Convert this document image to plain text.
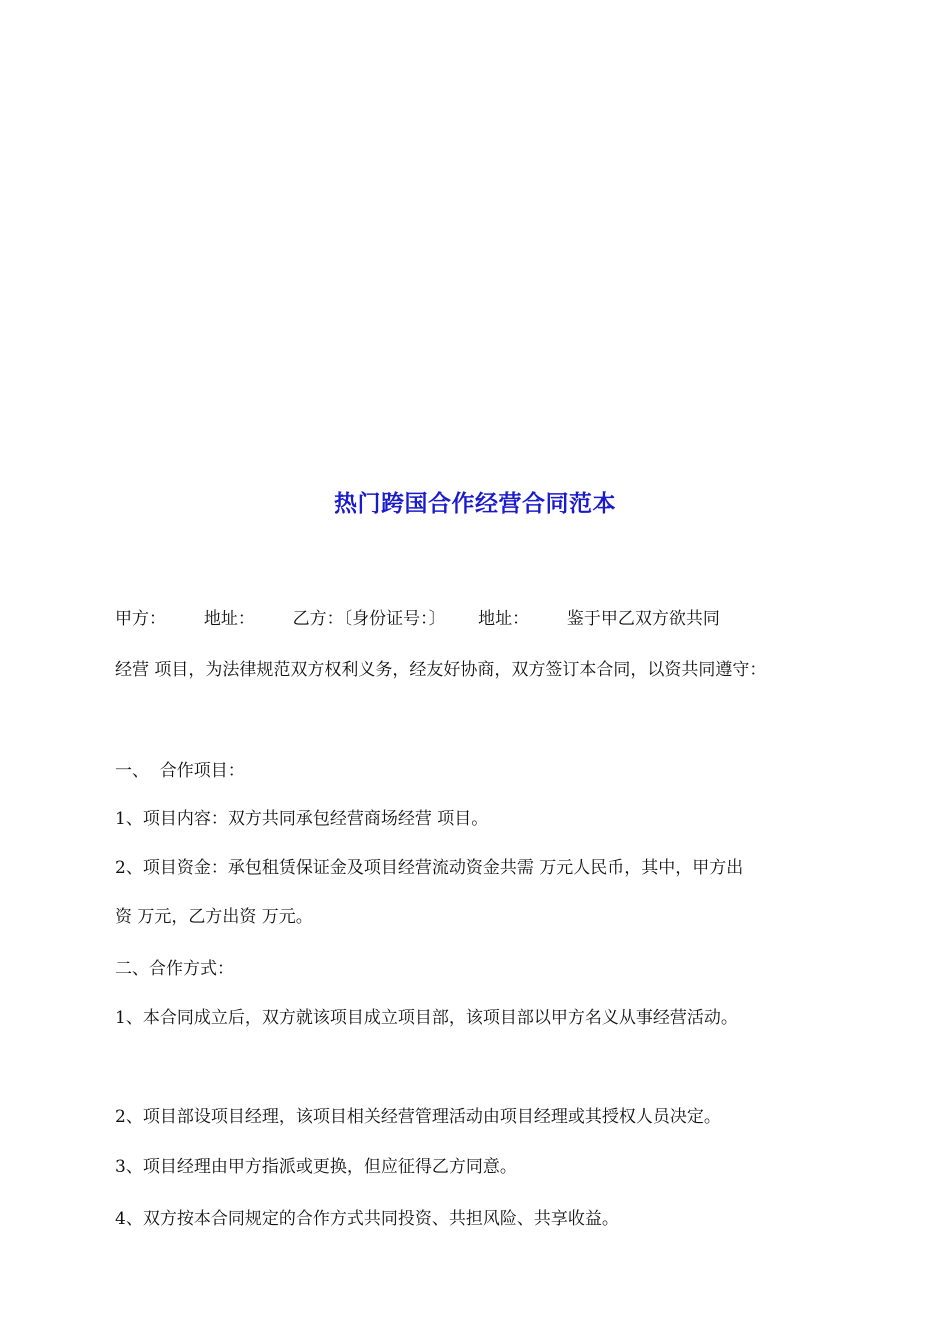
热门跨国合作经营合同范本

甲方：       地址：       乙方：〔身份证号：〕      地址：       鉴于甲乙双方欲共同

经营 项目，为法律规范双方权利义务，经友好协商，双方签订本合同，以资共同遵守：

一、  合作项目：

1、项目内容：双方共同承包经营商场经营 项目。

2、项目资金：承包租赁保证金及项目经营流动资金共需 万元人民币，其中，甲方出

资 万元，乙方出资 万元。

二、合作方式：

1、本合同成立后，双方就该项目成立项目部，该项目部以甲方名义从事经营活动。

2、项目部设项目经理，该项目相关经营管理活动由项目经理或其授权人员决定。

3、项目经理由甲方指派或更换，但应征得乙方同意。

4、双方按本合同规定的合作方式共同投资、共担风险、共享收益。
